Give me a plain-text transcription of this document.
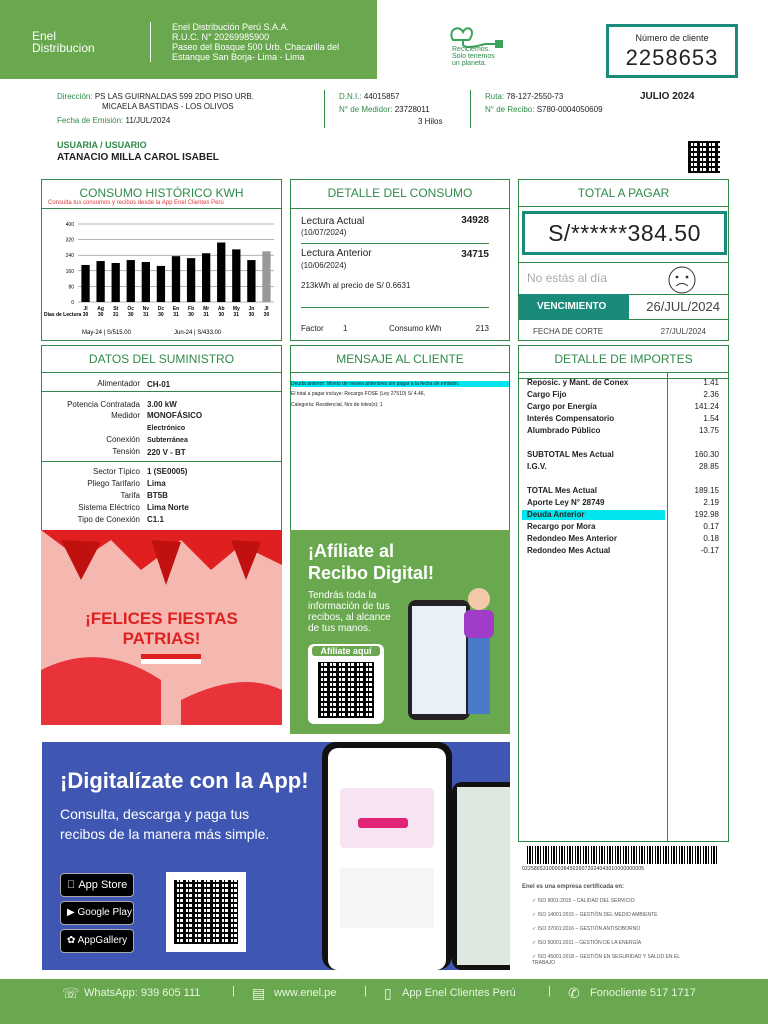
Enel
Distribucion
Enel Distribución Perú S.A.A.
R.U.C. N° 20269985900
Paseo del Bosque 500 Urb. Chacarilla del
Estanque San Borja- Lima - Lima
Reciclemos.
Solo tenemos
un planeta.
Número de cliente
2258653
Dirección: PS LAS GUIRNALDAS 599 2DO PISO URB.
MICAELA BASTIDAS - LOS OLIVOS
Fecha de Emisión: 11/JUL/2024
D.N.I.: 44015857
N° de Medidor: 23728011
3 Hilos
Ruta: 78-127-2550-73
N° de Recibo: S780-0004050609
JULIO 2024
USUARIA / USUARIO
ATANACIO MILLA CAROL ISABEL
CONSUMO HISTÓRICO KWH
Consulta tus consumos y recibos desde la App Enel Clientes Perú
400
320
240
160
80
0
Jl
30
Ag
30
St
31
Oc
30
Nv
31
Dc
30
En
31
Fb
30
Mr
31
Ab
30
My
31
Jn
30
Jl
30
Días de Lectura
May-24 | S/515.00	Jun-24 | S/433.00
DETALLE DEL CONSUMO
Lectura Actual
(10/07/2024)
34928
Lectura Anterior
(10/06/2024)
34715
213kWh al precio de S/ 0.6631
Factor 1	Consumo kWh	213
TOTAL A PAGAR
S/******384.50
No estás al día
VENCIMIENTO	26/JUL/2024
FECHA DE CORTE	27/JUL/2024
DATOS DEL SUMINISTRO
Alimentador CH-01
Potencia Contratada 3.00 kW
Medidor MONOFÁSICO
Electrónico
Conexión Subterránea
Tensión 220 V - BT
Sector Típico 1 (SE0005)
Pliego Tarifario Lima
Tarifa BT5B
Sistema Eléctrico Lima Norte
Tipo de Conexión C1.1
MENSAJE AL CLIENTE
Deuda anterior: Monto de meses anteriores sin pagar a la fecha de emisión.
El total a pagar incluye: Recargo FOSE (Ley 27510) S/ 4.46,
Categoría: Residencial, Nro de lotes(s): 1
DETALLE DE IMPORTES
Reposic. y Mant. de Conex	1.41
Cargo Fijo	2.36
Cargo por Energía	141.24
Interés Compensatorio	1.54
Alumbrado Público	13.75
SUBTOTAL Mes Actual	160.30
I.G.V.	28.85
TOTAL Mes Actual	189.15
Aporte Ley N° 28749	2.19
Deuda Anterior	192.98
Recargo por Mora	0.17
Redondeo Mes Anterior	0.18
Redondeo Mes Actual	-0.17
¡FELICES FIESTAS PATRIAS!
¡Afíliate al
Recibo Digital!
Tendrás toda la
información de tus
recibos, al alcance
de tus manos.
Afíliate aquí
¡Digitalízate con la App!
Consulta, descarga y paga tus
recibos de la manera más simple.
App Store
▶ Google Play
✿ AppGallery
02258653100003845026072024043010000000005
Enel es una empresa certificada en:
✓ ISO 9001:2015 – CALIDAD DEL SERVICIO
✓ ISO 14001:2015 – GESTIÓN DEL MEDIO AMBIENTE
✓ ISO 37001:2016 – GESTIÓN ANTISOBORNO
✓ ISO 50001:2011 – GESTIÓN DE LA ENERGÍA
✓ ISO 45001:2018 – GESTIÓN EN SEGURIDAD Y SALUD EN EL TRABAJO
☏ WhatsApp: 939 605 111	| ▤ www.enel.pe	| ▯ App Enel Clientes Perú	| ✆ Fonocliente 517 1717
